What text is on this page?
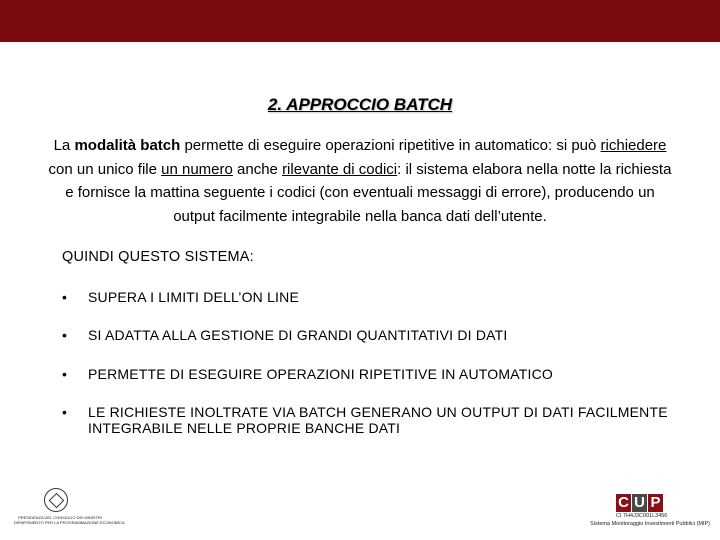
2. APPROCCIO BATCH
La modalità batch permette di eseguire operazioni ripetitive in automatico: si può richiedere con un unico file un numero anche rilevante di codici: il sistema elabora nella notte la richiesta e fornisce la mattina seguente i codici (con eventuali messaggi di errore), producendo un output facilmente integrabile nella banca dati dell’utente.
QUINDI QUESTO SISTEMA:
• SUPERA I LIMITI DELL’ON LINE
• SI ADATTA ALLA GESTIONE DI GRANDI QUANTITATIVI DI DATI
• PERMETTE DI ESEGUIRE OPERAZIONI RIPETITIVE IN AUTOMATICO
• LE RICHIESTE INOLTRATE VIA BATCH GENERANO UN OUTPUT DI DATI FACILMENTE INTEGRABILE NELLE PROPRIE BANCHE DATI
PRESIDENZA DEL CONSIGLIO DEI MINISTRI
DIPARTIMENTO PER LA PROGRAMMAZIONE ECONOMICA
C U P
CI 7H4J3C001L3456
Sistema Monitoraggio Investimenti Pubblici (MIP)
